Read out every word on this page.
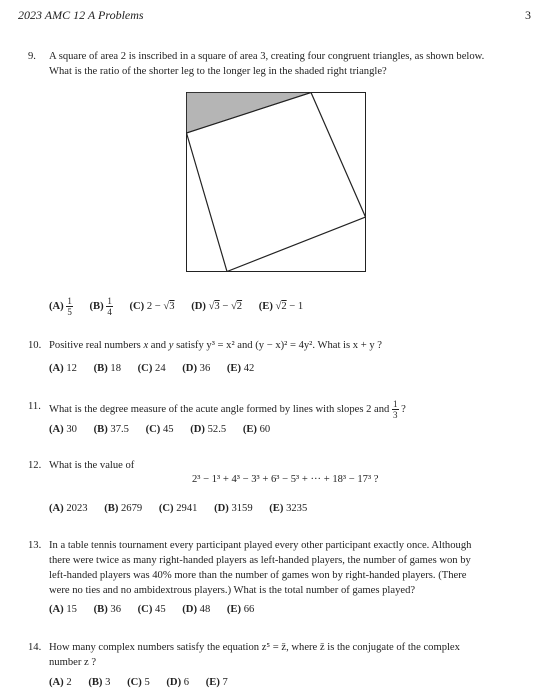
2023 AMC 12 A Problems	3
9. A square of area 2 is inscribed in a square of area 3, creating four congruent triangles, as shown below.
What is the ratio of the shorter leg to the longer leg in the shaded right triangle?
$(A) \frac{1}{5} (B) \frac{1}{4} (C) 2 - √3$ (D) √3 − √2 (E) √2 − 1
10. Positive real numbers x and y satisfy y³ = x² and (y − x)² = 4y². What is x + y ?
(A) 12 (B) 18 (C) 24 (D) 36 (E) 42
11. What is the degree measure of the acute angle formed by lines with slopes 2 and $\frac{1}{3}$ ?
(A) 30 (B) 37.5 (C) 45 (D) 52.5 (E) 60
12. What is the value of
2³ − 1³ + 4³ − 3³ + 6³ − 5³ + ··· + 18³ − 17³ ?
(A) 2023 (B) 2679 (C) 2941 (D) 3159 (E) 3235
13. In a table tennis tournament every participant played every other participant exactly once. Although
there were twice as many right-handed players as left-handed players, the number of games won by
left-handed players was 40% more than the number of games won by right-handed players. (There
were no ties and no ambidextrous players.) What is the total number of games played?
(A) 15 (B) 36 (C) 45 (D) 48 (E) 66
14. How many complex numbers satisfy the equation z⁵ = z̄, where z̄ is the conjugate of the complex
number z ?
(A) 2 (B) 3 (C) 5 (D) 6 (E) 7
